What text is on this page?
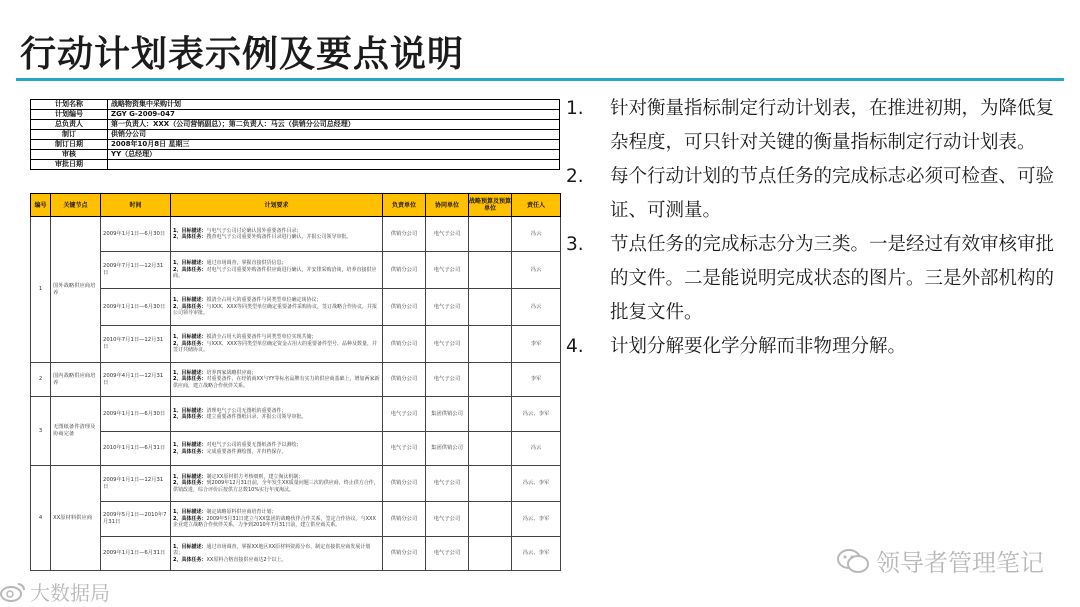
行动计划表示例及要点说明
计划名称	战略物资集中采购计划
计划编号	ZGY G-2009-047
总负责人	第一负责人：XXX（公司营销副总）；第二负责人：马云（供销分公司总经理）
制订	供销分公司
制订日期	2008年10月8日 星期三
审核	YY（总经理）
审批日期	
编号	关键节点	时间	计划要求	负责单位	协同单位	战略预算及预算单位	责任人
1	国外战略供应商培养	2009年1月1日—6月30日	1、目标描述：与电气子公司讨论确认国外重要备件目录；
2、具体任务：搜查电气子公司重要外购备件目录进行确认，并报公司领导审批。	供销分公司	电气子公司		冯云
		2009年7月1日—12月31日	1、目标描述：通过市场调查，掌握直接供货信息；
2、具体任务：对电气子公司重要外购备件供应商进行确认，并安排采购洽谈，培养直接供应商。	供销分公司	电气子公司		冯云
		2009年1月1日—6月30日	1、目标描述：摸清全占用大的重要备件与同类型单位确定谈协议；
2、具体任务：与XXX、XXX等同类型单位确定重要备件采购协议，签订战略合作协议，并报公司领导审批。	供销分公司	电气子公司		冯云
		2010年7月1日—12月31日	1、目标描述：摸清全占用大的重要备件与同类型单位实现共储；
2、具体任务：与XXX、XXX等同类型单位确定资金占用大的重要备件型号、品种及数量，并签订共储协议。	供销分公司	电气子公司		李军
2	国内战略供应商培养	2009年4月1日—12月31日	1、目标描述：培养四家战略供应商；
2、具体任务：对重要备件，在经销商XX与YY等标名品牌有实力的供应商基础上，增加两家新供应商，建立战略合作伙伴关系。	供销分公司	电气子公司		李军
3	无图纸备件清理及协商完备	2009年1月1日—6月30日	1、目标描述：清理电气子公司无图纸的重要备件；
2、具体任务：建立重要备件图纸目录，并报公司领导审批。	电气子公司	集团供销公司		冯云、李军
		2010年1月1日—6月31日	1、目标描述：对电气子公司的重要无图纸备件予以测绘；
2、具体任务：完成重要备件测绘图，并归档保存。	电气子公司	集团供销公司		冯云
4	XX原材料供应商	2009年1月1日—12月31日	1、目标描述：制定XX原材供方考核细则，建立淘汰机制；
2、具体任务：到2009年12月31日前，全年发生XX质量问题三次的供应商，终止供方合作，供销改进，综合评价后按供方总数10%实行年度淘汰。	供销分公司	电气子公司		冯云、李军
		2009年5月1日—2010年7月31日	1、目标描述：制定战略原料供应商培育计划；
2、具体任务：2009年5月31日建立与XX集团的战略伙伴合作关系，签定合作协议。与XXX企业建立战略合作伙伴关系，力争到2010年7月31日前，建立供应商关系。	供销分公司	电气子公司		冯云、李军
		2009年1月1日—6月31日	1、目标描述：通过市场调查，掌握XX地区XX原材料资源分布，制定直接供应商发展计划表；
2、具体任务：XX原料合格直接供应商达2个以上。	供销分公司	电气子公司		冯云、李军
1.	针对衡量指标制定行动计划表，在推进初期，为降低复杂程度，可只针对关键的衡量指标制定行动计划表。
2.	每个行动计划的节点任务的完成标志必须可检查、可验证、可测量。
3.	节点任务的完成标志分为三类。一是经过有效审核审批的文件。二是能说明完成状态的图片。三是外部机构的批复文件。
4.	计划分解要化学分解而非物理分解。
领导者管理笔记
大数据局
